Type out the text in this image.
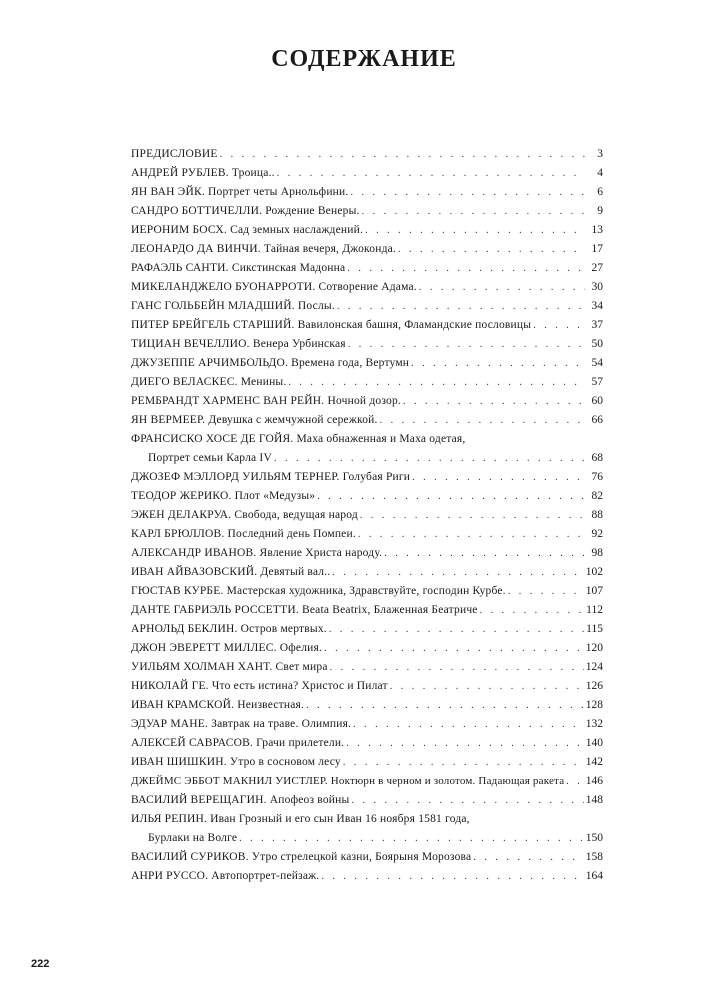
СОДЕРЖАНИЕ
ПРЕДИСЛОВИЕ . . .	3
АНДРЕЙ РУБЛЕВ. Троица.. . . .	4
ЯН ВАН ЭЙК. Портрет четы Арнольфини. . . .	6
САНДРО БОТТИЧЕЛЛИ. Рождение Венеры. . . .	9
ИЕРОНИМ БОСХ. Сад земных наслаждений. . . .	13
ЛЕОНАРДО ДА ВИНЧИ. Тайная вечеря, Джоконда. . . .	17
РАФАЭЛЬ САНТИ. Сикстинская Мадонна . . .	27
МИКЕЛАНДЖЕЛО БУОНАРРОТИ. Сотворение Адама. . . .	30
ГАНС ГОЛЬБЕЙН МЛАДШИЙ. Послы. . . .	34
ПИТЕР БРЕЙГЕЛЬ СТАРШИЙ. Вавилонская башня, Фламандские пословицы . . .	37
ТИЦИАН ВЕЧЕЛЛИО. Венера Урбинская . . .	50
ДЖУЗЕППЕ АРЧИМБОЛЬДО. Времена года, Вертумн . . .	54
ДИЕГО ВЕЛАСКЕС. Менины. . . .	57
РЕМБРАНДТ ХАРМЕНС ВАН РЕЙН. Ночной дозор. . . .	60
ЯН ВЕРМЕЕР. Девушка с жемчужной сережкой. . . .	66
ФРАНСИСКО ХОСЕ ДЕ ГОЙЯ. Маха обнаженная и Маха одетая,
Портрет семьи Карла IV . . .	68
ДЖОЗЕФ МЭЛЛОРД УИЛЬЯМ ТЕРНЕР. Голубая Риги . . .	76
ТЕОДОР ЖЕРИКО. Плот «Медузы» . . .	82
ЭЖЕН ДЕЛАКРУА. Свобода, ведущая народ . . .	88
КАРЛ БРЮЛЛОВ. Последний день Помпеи. . . .	92
АЛЕКСАНДР ИВАНОВ. Явление Христа народу. . . .	98
ИВАН АЙВАЗОВСКИЙ. Девятый вал.. . . .	102
ГЮСТАВ КУРБЕ. Мастерская художника, Здравствуйте, господин Курбе. . . .	107
ДАНТЕ ГАБРИЭЛЬ РОССЕТТИ. Beata Beatrix, Блаженная Беатриче . . .	112
АРНОЛЬД БЕКЛИН. Остров мертвых. . . .	115
ДЖОН ЭВЕРЕТТ МИЛЛЕС. Офелия. . . .	120
УИЛЬЯМ ХОЛМАН ХАНТ. Свет мира . . .	124
НИКОЛАЙ ГЕ. Что есть истина? Христос и Пилат . . .	126
ИВАН КРАМСКОЙ. Неизвестная. . . .	128
ЭДУАР МАНЕ. Завтрак на траве. Олимпия. . . .	132
АЛЕКСЕЙ САВРАСОВ. Грачи прилетели. . . .	140
ИВАН ШИШКИН. Утро в сосновом лесу . . .	142
ДЖЕЙМС ЭББОТ МАКНИЛ УИСТЛЕР. Ноктюрн в черном и золотом. Падающая ракета . . . 146
ВАСИЛИЙ ВЕРЕЩАГИН. Апофеоз войны . . .	148
ИЛЬЯ РЕПИН. Иван Грозный и его сын Иван 16 ноября 1581 года,
Бурлаки на Волге . . .	150
ВАСИЛИЙ СУРИКОВ. Утро стрелецкой казни, Боярыня Морозова . . .	158
АНРИ РУССО. Автопортрет-пейзаж. . . .	164
222
